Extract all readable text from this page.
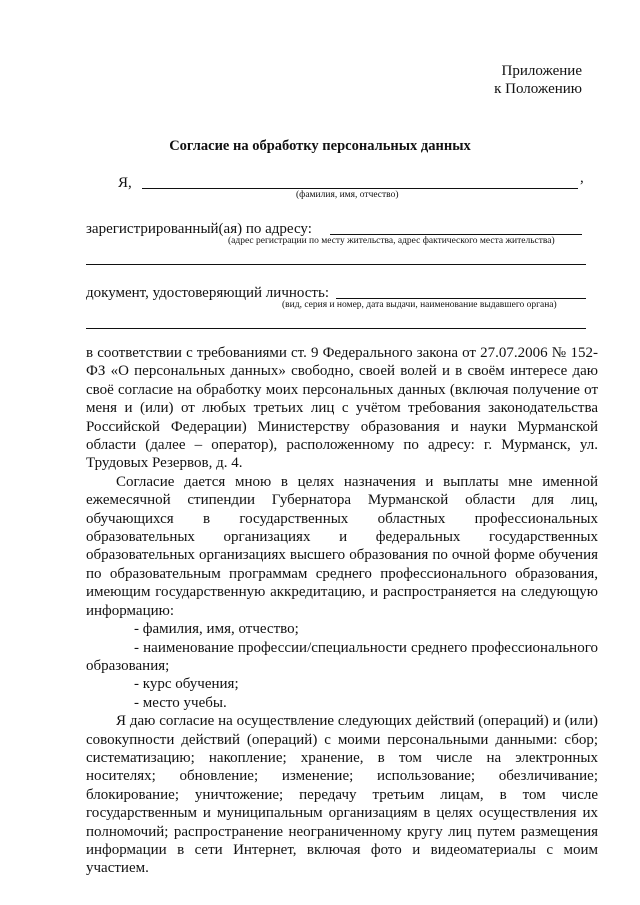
Приложение
к Положению
Согласие на обработку персональных данных
Я,	,
(фамилия, имя, отчество)
зарегистрированный(ая) по адресу:
(адрес регистрации по месту жительства, адрес фактического места жительства)
документ, удостоверяющий личность:
(вид, серия и номер, дата выдачи, наименование выдавшего органа)

в соответствии с требованиями ст. 9 Федерального закона от 27.07.2006 № 152-ФЗ «О персональных данных» свободно, своей волей и в своём интересе даю своё согласие на обработку моих персональных данных (включая получение от меня и (или) от любых третьих лиц с учётом требования законодательства Российской Федерации) Министерству образования и науки Мурманской области (далее – оператор), расположенному по адресу: г. Мурманск, ул. Трудовых Резервов, д. 4.

Согласие дается мною в целях назначения и выплаты мне именной ежемесячной стипендии Губернатора Мурманской области для лиц, обучающихся в государственных областных профессиональных образовательных организациях и федеральных государственных образовательных организациях высшего образования по очной форме обучения по образовательным программам среднего профессионального образования, имеющим государственную аккредитацию, и распространяется на следующую информацию:

- фамилия, имя, отчество;

- наименование профессии/специальности среднего профессионального образования;

- курс обучения;

- место учебы.

Я даю согласие на осуществление следующих действий (операций) и (или) совокупности действий (операций) с моими персональными данными: сбор; систематизацию; накопление; хранение, в том числе на электронных носителях; обновление; изменение; использование; обезличивание; блокирование; уничтожение; передачу третьим лицам, в том числе государственным и муниципальным организациям в целях осуществления их полномочий; распространение неограниченному кругу лиц путем размещения информации в сети Интернет, включая фото и видеоматериалы с моим участием.
